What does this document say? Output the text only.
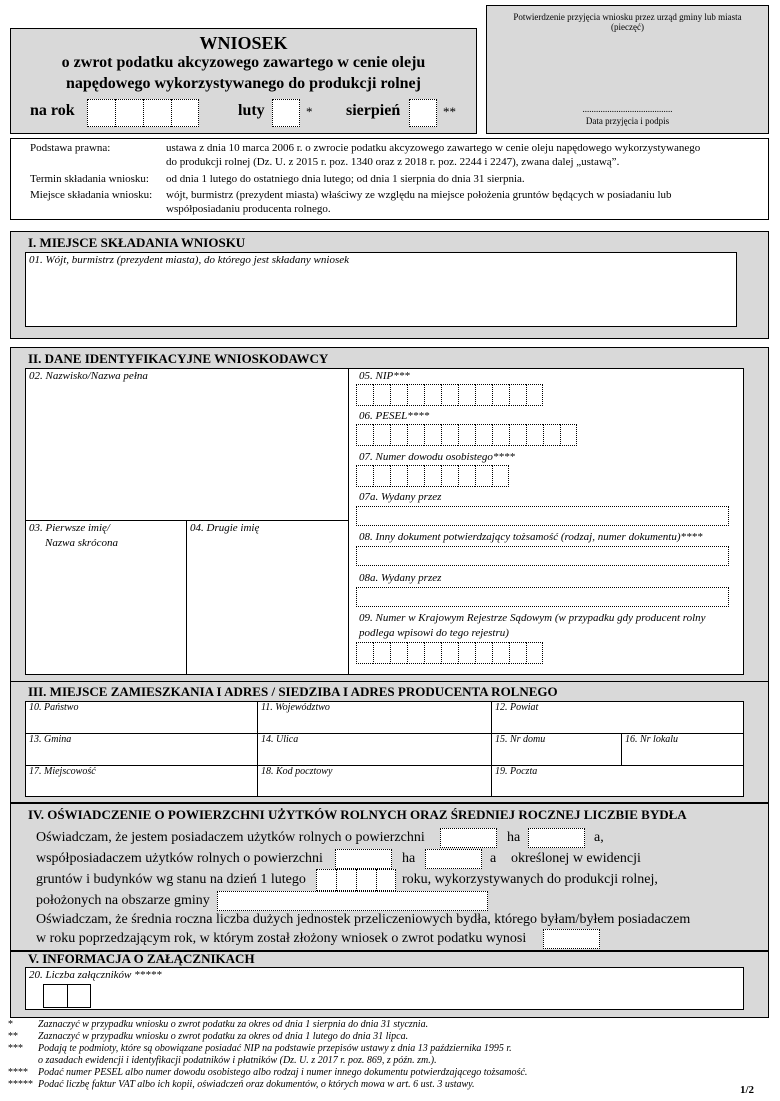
WNIOSEK
o zwrot podatku akcyzowego zawartego w cenie oleju
napędowego wykorzystywanego do produkcji rolnej
na rok	luty	* sierpień	**
Potwierdzenie przyjęcia wniosku przez urząd gminy lub miasta (pieczęć)
........................................
Data przyjęcia i podpis
Podstawa prawna:	ustawa z dnia 10 marca 2006 r. o zwrocie podatku akcyzowego zawartego w cenie oleju napędowego wykorzystywanego
do produkcji rolnej (Dz. U. z 2015 r. poz. 1340 oraz z 2018 r. poz. 2244 i 2247), zwana dalej „ustawą”.
Termin składania wniosku: od dnia 1 lutego do ostatniego dnia lutego; od dnia 1 sierpnia do dnia 31 sierpnia.
Miejsce składania wniosku: wójt, burmistrz (prezydent miasta) właściwy ze względu na miejsce położenia gruntów będących w posiadaniu lub
współposiadaniu producenta rolnego.
I. MIEJSCE SKŁADANIA WNIOSKU
01. Wójt, burmistrz (prezydent miasta), do którego jest składany wniosek
II. DANE IDENTYFIKACYJNE WNIOSKODAWCY
02. Nazwisko/Nazwa pełna
03. Pierwsze imię/
Nazwa skrócona
04. Drugie imię
05. NIP***
06. PESEL****
07. Numer dowodu osobistego****
07a. Wydany przez
08. Inny dokument potwierdzający tożsamość (rodzaj, numer dokumentu)****
08a. Wydany przez
09. Numer w Krajowym Rejestrze Sądowym (w przypadku gdy producent rolny
podlega wpisowi do tego rejestru)
III. MIEJSCE ZAMIESZKANIA I ADRES / SIEDZIBA I ADRES PRODUCENTA ROLNEGO
10. Państwo	11. Województwo	12. Powiat
13. Gmina	14. Ulica	15. Nr domu	16. Nr lokalu
17. Miejscowość	18. Kod pocztowy	19. Poczta
IV. OŚWIADCZENIE O POWIERZCHNI UŻYTKÓW ROLNYCH ORAZ ŚREDNIEJ ROCZNEJ LICZBIE BYDŁA
Oświadczam, że jestem posiadaczem użytków rolnych o powierzchni	ha	a,
współposiadaczem użytków rolnych o powierzchni	ha	a określonej w ewidencji
gruntów i budynków wg stanu na dzień 1 lutego	roku, wykorzystywanych do produkcji rolnej,
położonych na obszarze gminy
Oświadczam, że średnia roczna liczba dużych jednostek przeliczeniowych bydła, którego byłam/byłem posiadaczem
w roku poprzedzającym rok, w którym został złożony wniosek o zwrot podatku wynosi
V. INFORMACJA O ZAŁĄCZNIKACH
20. Liczba załączników *****
*	Zaznaczyć w przypadku wniosku o zwrot podatku za okres od dnia 1 sierpnia do dnia 31 stycznia.
**	Zaznaczyć w przypadku wniosku o zwrot podatku za okres od dnia 1 lutego do dnia 31 lipca.
***	Podają te podmioty, które są obowiązane posiadać NIP na podstawie przepisów ustawy z dnia 13 października 1995 r.
o zasadach ewidencji i identyfikacji podatników i płatników (Dz. U. z 2017 r. poz. 869, z późn. zm.).
****	Podać numer PESEL albo numer dowodu osobistego albo rodzaj i numer innego dokumentu potwierdzającego tożsamość.
***** Podać liczbę faktur VAT albo ich kopii, oświadczeń oraz dokumentów, o których mowa w art. 6 ust. 3 ustawy.	1/2
